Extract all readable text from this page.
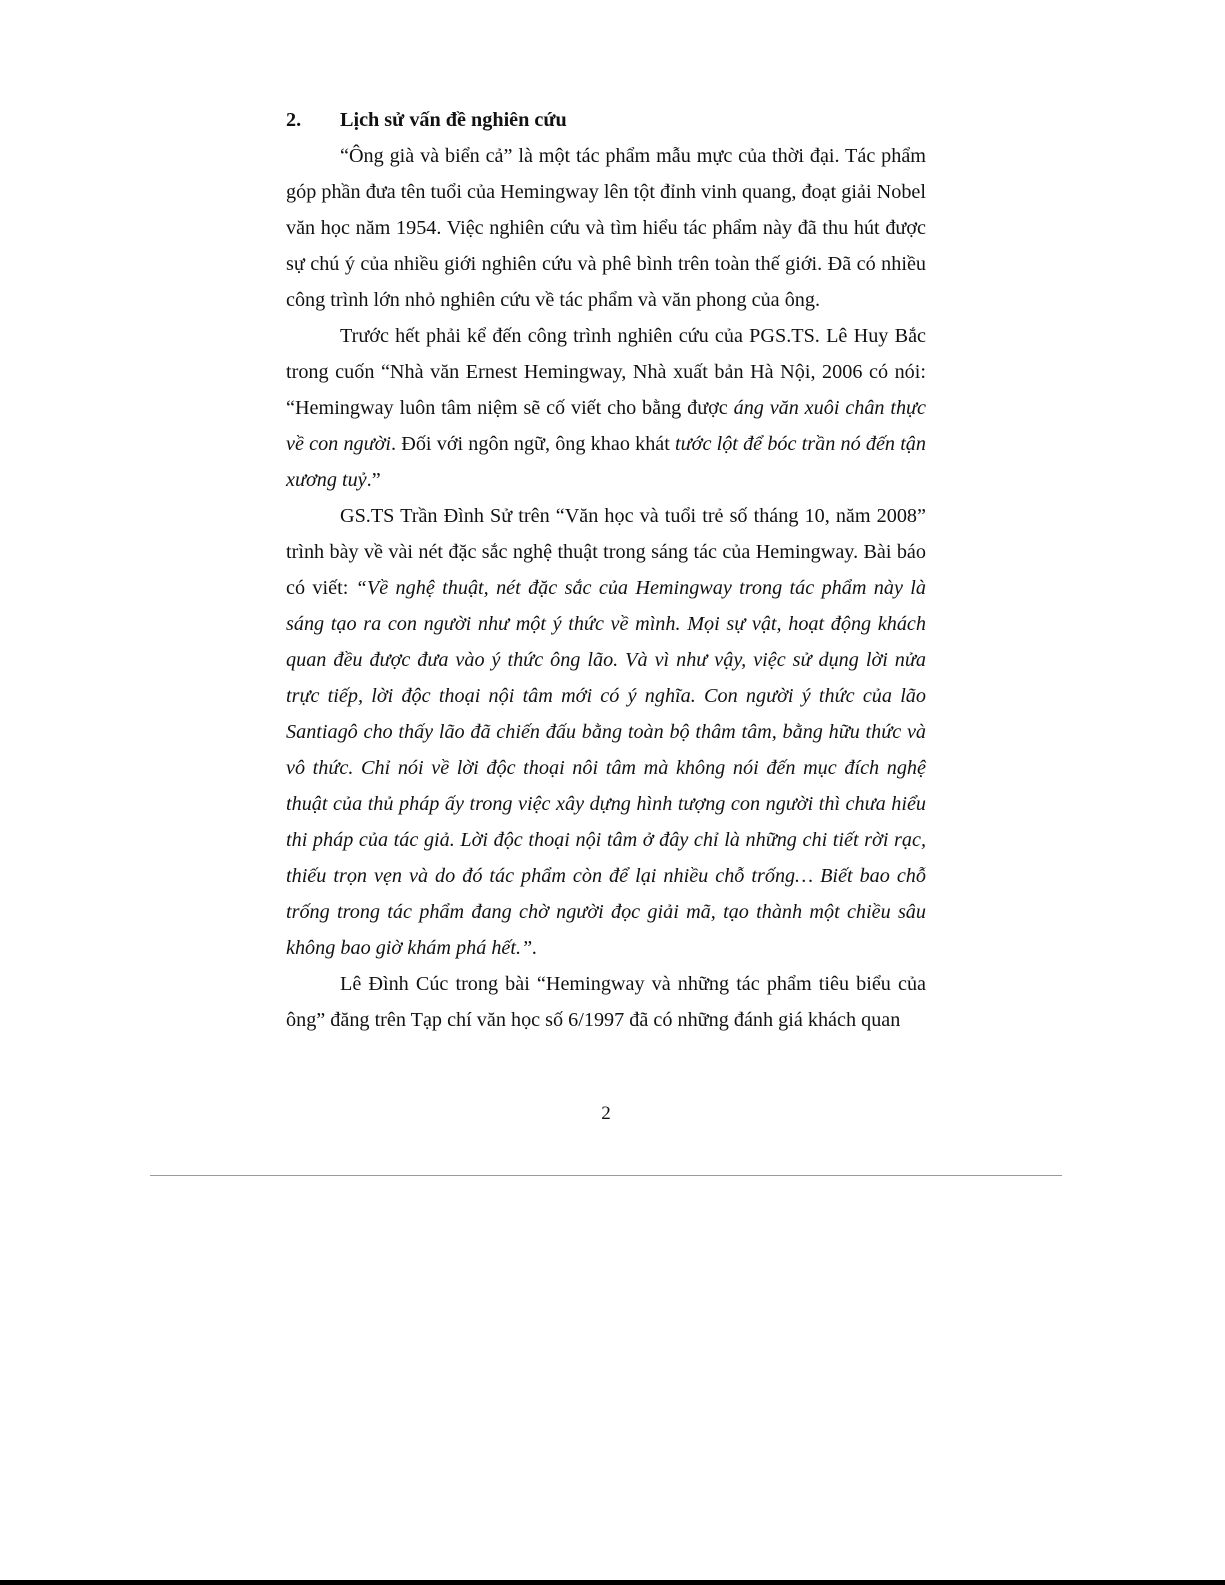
2. Lịch sử vấn đề nghiên cứu

“Ông già và biển cả” là một tác phẩm mẫu mực của thời đại. Tác phẩm góp phần đưa tên tuổi của Hemingway lên tột đỉnh vinh quang, đoạt giải Nobel văn học năm 1954. Việc nghiên cứu và tìm hiểu tác phẩm này đã thu hút được sự chú ý của nhiều giới nghiên cứu và phê bình trên toàn thế giới. Đã có nhiều công trình lớn nhỏ nghiên cứu về tác phẩm và văn phong của ông.

Trước hết phải kể đến công trình nghiên cứu của PGS.TS. Lê Huy Bắc trong cuốn “Nhà văn Ernest Hemingway, Nhà xuất bản Hà Nội, 2006 có nói: “Hemingway luôn tâm niệm sẽ cố viết cho bằng được áng văn xuôi chân thực về con người. Đối với ngôn ngữ, ông khao khát tước lột để bóc trần nó đến tận xương tuỷ.”

GS.TS Trần Đình Sử trên “Văn học và tuổi trẻ số tháng 10, năm 2008” trình bày về vài nét đặc sắc nghệ thuật trong sáng tác của Hemingway. Bài báo có viết: “Về nghệ thuật, nét đặc sắc của Hemingway trong tác phẩm này là sáng tạo ra con người như một ý thức về mình. Mọi sự vật, hoạt động khách quan đều được đưa vào ý thức ông lão. Và vì như vậy, việc sử dụng lời nửa trực tiếp, lời độc thoại nội tâm mới có ý nghĩa. Con người ý thức của lão Santiagô cho thấy lão đã chiến đấu bằng toàn bộ thâm tâm, bằng hữu thức và vô thức. Chỉ nói về lời độc thoại nôi tâm mà không nói đến mục đích nghệ thuật của thủ pháp ấy trong việc xây dựng hình tượng con người thì chưa hiểu thi pháp của tác giả. Lời độc thoại nội tâm ở đây chỉ là những chi tiết rời rạc, thiếu trọn vẹn và do đó tác phẩm còn để lại nhiều chỗ trống… Biết bao chỗ trống trong tác phẩm đang chờ người đọc giải mã, tạo thành một chiều sâu không bao giờ khám phá hết.”.

Lê Đình Cúc trong bài “Hemingway và những tác phẩm tiêu biểu của ông” đăng trên Tạp chí văn học số 6/1997 đã có những đánh giá khách quan

2
